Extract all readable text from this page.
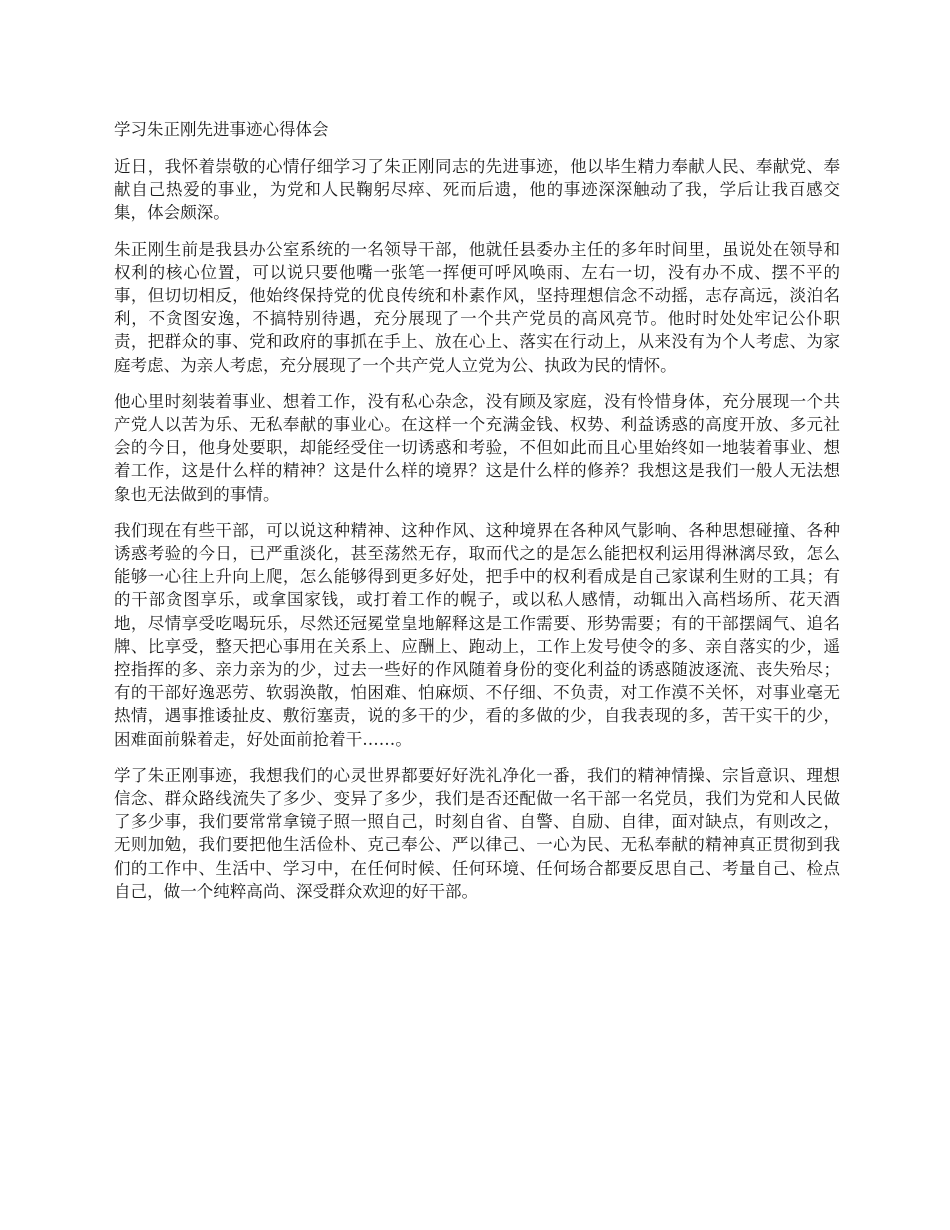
学习朱正刚先进事迹心得体会

近日，我怀着崇敬的心情仔细学习了朱正刚同志的先进事迹，他以毕生精力奉献人民、奉献党、奉献自己热爱的事业，为党和人民鞠躬尽瘁、死而后遗，他的事迹深深触动了我，学后让我百感交集，体会颇深。

朱正刚生前是我县办公室系统的一名领导干部，他就任县委办主任的多年时间里，虽说处在领导和权利的核心位置，可以说只要他嘴一张笔一挥便可呼风唤雨、左右一切，没有办不成、摆不平的事，但切切相反，他始终保持党的优良传统和朴素作风，坚持理想信念不动摇，志存高远，淡泊名利，不贪图安逸，不搞特别待遇，充分展现了一个共产党员的高风亮节。他时时处处牢记公仆职责，把群众的事、党和政府的事抓在手上、放在心上、落实在行动上，从来没有为个人考虑、为家庭考虑、为亲人考虑，充分展现了一个共产党人立党为公、执政为民的情怀。

他心里时刻装着事业、想着工作，没有私心杂念，没有顾及家庭，没有怜惜身体，充分展现一个共产党人以苦为乐、无私奉献的事业心。在这样一个充满金钱、权势、利益诱惑的高度开放、多元社会的今日，他身处要职，却能经受住一切诱惑和考验，不但如此而且心里始终如一地装着事业、想着工作，这是什么样的精神？这是什么样的境界？这是什么样的修养？我想这是我们一般人无法想象也无法做到的事情。

我们现在有些干部，可以说这种精神、这种作风、这种境界在各种风气影响、各种思想碰撞、各种诱惑考验的今日，已严重淡化，甚至荡然无存，取而代之的是怎么能把权利运用得淋漓尽致，怎么能够一心往上升向上爬，怎么能够得到更多好处，把手中的权利看成是自己家谋利生财的工具；有的干部贪图享乐，或拿国家钱，或打着工作的幌子，或以私人感情，动辄出入高档场所、花天酒地，尽情享受吃喝玩乐，尽然还冠冕堂皇地解释这是工作需要、形势需要；有的干部摆阔气、追名牌、比享受，整天把心事用在关系上、应酬上、跑动上，工作上发号使令的多、亲自落实的少，遥控指挥的多、亲力亲为的少，过去一些好的作风随着身份的变化利益的诱惑随波逐流、丧失殆尽；有的干部好逸恶劳、软弱涣散，怕困难、怕麻烦、不仔细、不负责，对工作漠不关怀，对事业毫无热情，遇事推诿扯皮、敷衍塞责，说的多干的少，看的多做的少，自我表现的多，苦干实干的少，困难面前躲着走，好处面前抢着干……。

学了朱正刚事迹，我想我们的心灵世界都要好好洗礼净化一番，我们的精神情操、宗旨意识、理想信念、群众路线流失了多少、变异了多少，我们是否还配做一名干部一名党员，我们为党和人民做了多少事，我们要常常拿镜子照一照自己，时刻自省、自警、自励、自律，面对缺点，有则改之，无则加勉，我们要把他生活俭朴、克己奉公、严以律己、一心为民、无私奉献的精神真正贯彻到我们的工作中、生活中、学习中，在任何时候、任何环境、任何场合都要反思自己、考量自己、检点自己，做一个纯粹高尚、深受群众欢迎的好干部。
